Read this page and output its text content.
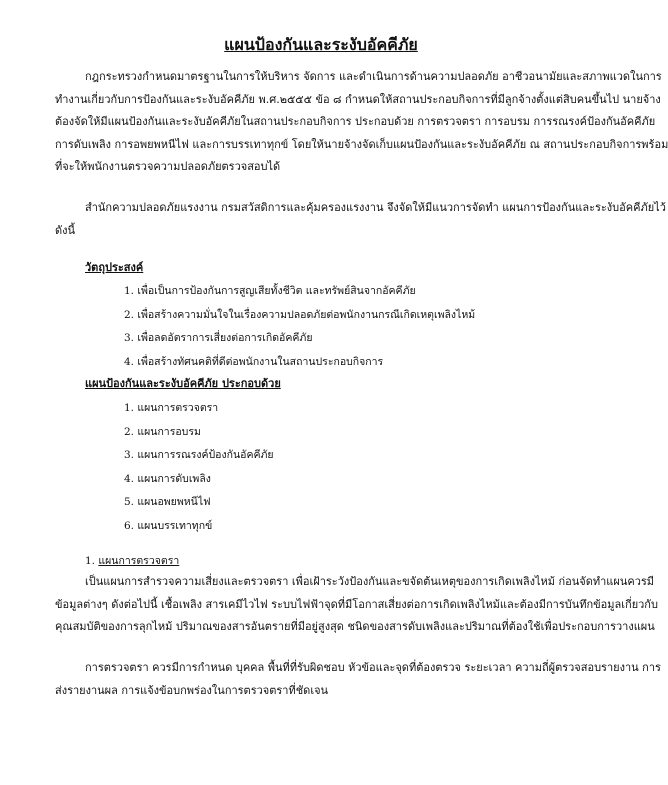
แผนป้องกันและระงับอัคคีภัย
กฎกระทรวงกำหนดมาตรฐานในการให้บริหาร จัดการ และดำเนินการด้านความปลอดภัย อาชีวอนามัยและสภาพแวดในการ
ทำงานเกี่ยวกับการป้องกันและระงับอัคคีภัย พ.ศ.๒๕๕๕ ข้อ ๘ กำหนดให้สถานประกอบกิจการที่มีลูกจ้างตั้งแต่สิบคนขึ้นไป นายจ้าง
ต้องจัดให้มีแผนป้องกันและระงับอัคคีภัยในสถานประกอบกิจการ ประกอบด้วย การตรวจตรา การอบรม การรณรงค์ป้องกันอัคคีภัย
การดับเพลิง การอพยพหนีไฟ และการบรรเทาทุกข์ โดยให้นายจ้างจัดเก็บแผนป้องกันและระงับอัคคีภัย ณ สถานประกอบกิจการพร้อม
ที่จะให้พนักงานตรวจความปลอดภัยตรวจสอบได้
สำนักความปลอดภัยแรงงาน กรมสวัสดิการและคุ้มครองแรงงาน จึงจัดให้มีแนวการจัดทำ แผนการป้องกันและระงับอัคคีภัยไว้
ดังนี้

วัตถุประสงค์

1. เพื่อเป็นการป้องกันการสูญเสียทั้งชีวิต และทรัพย์สินจากอัคคีภัย
2. เพื่อสร้างความมั่นใจในเรื่องความปลอดภัยต่อพนักงานกรณีเกิดเหตุเพลิงไหม้
3. เพื่อลดอัตราการเสี่ยงต่อการเกิดอัคคีภัย
4. เพื่อสร้างทัศนคติที่ดีต่อพนักงานในสถานประกอบกิจการ

แผนป้องกันและระงับอัคคีภัย ประกอบด้วย

1. แผนการตรวจตรา
2. แผนการอบรม
3. แผนการรณรงค์ป้องกันอัคคีภัย
4. แผนการดับเพลิง
5. แผนอพยพหนีไฟ
6. แผนบรรเทาทุกข์

1. แผนการตรวจตรา

เป็นแผนการสำรวจความเสี่ยงและตรวจตรา เพื่อเฝ้าระวังป้องกันและขจัดต้นเหตุของการเกิดเพลิงไหม้ ก่อนจัดทำแผนควรมี
ข้อมูลต่างๆ ดังต่อไปนี้ เชื้อเพลิง สารเคมีไวไฟ ระบบไฟฟ้าจุดที่มีโอกาสเสี่ยงต่อการเกิดเพลิงไหม้และต้องมีการบันทึกข้อมูลเกี่ยวกับ
คุณสมบัติของการลุกไหม้ ปริมาณของสารอันตรายที่มีอยู่สูงสุด ชนิดของสารดับเพลิงและปริมาณที่ต้องใช้เพื่อประกอบการวางแผน
การตรวจตรา ควรมีการกำหนด บุคคล พื้นที่ที่รับผิดชอบ หัวข้อและจุดที่ต้องตรวจ ระยะเวลา ความถี่ผู้ตรวจสอบรายงาน การ
ส่งรายงานผล การแจ้งข้อบกพร่องในการตรวจตราที่ชัดเจน
